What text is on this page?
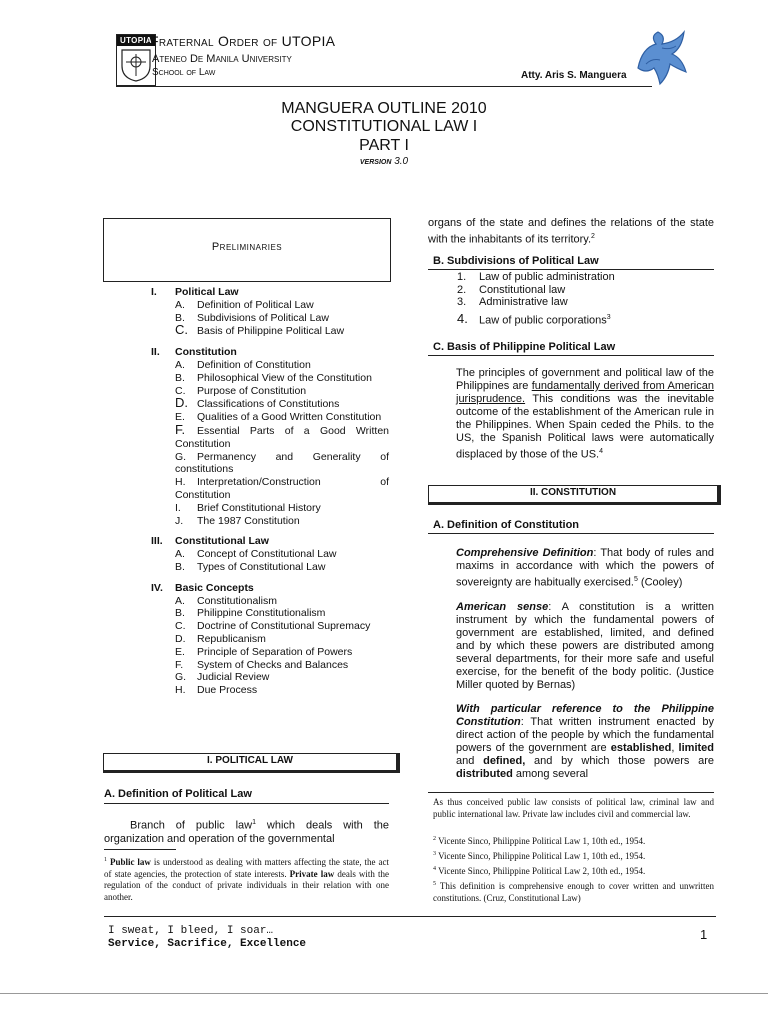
UTOPIA
Fraternal Order of UTOPIA
Ateneo De Manila University
School of Law	Atty. Aris S. Manguera
MANGUERA OUTLINE 2010
CONSTITUTIONAL LAW I
PART I
VERSION 3.0
Preliminaries
I. Political Law
A. Definition of Political Law
B. Subdivisions of Political Law
C. Basis of Philippine Political Law
II. Constitution
A. Definition of Constitution
B. Philosophical View of the Constitution
C. Purpose of Constitution
D. Classifications of Constitutions
E. Qualities of a Good Written Constitution
F. Essential Parts of a Good Written Constitution
G. Permanency and Generality of constitutions
H. Interpretation/Construction of Constitution
I. Brief Constitutional History
J. The 1987 Constitution
III. Constitutional Law
A. Concept of Constitutional Law
B. Types of Constitutional Law
IV. Basic Concepts
A. Constitutionalism
B. Philippine Constitutionalism
C. Doctrine of Constitutional Supremacy
D. Republicanism
E. Principle of Separation of Powers
F. System of Checks and Balances
G. Judicial Review
H. Due Process
I. POLITICAL LAW
A. Definition of Political Law
Branch of public law$^1$ which deals with the organization and operation of the governmental
$^1$ Public law is understood as dealing with matters affecting the state, the act of state agencies, the protection of state interests. Private law deals with the regulation of the conduct of private individuals in their relation with one another.
organs of the state and defines the relations of the state with the inhabitants of its territory.$^2$
B. Subdivisions of Political Law
1. Law of public administration
2. Constitutional law
3. Administrative law
4. Law of public corporations$^3$
C. Basis of Philippine Political Law
The principles of government and political law of the Philippines are fundamentally derived from American jurisprudence. This conditions was the inevitable outcome of the establishment of the American rule in the Philippines. When Spain ceded the Phils. to the US, the Spanish Political laws were automatically displaced by those of the US.$^4$
II. CONSTITUTION
A. Definition of Constitution
Comprehensive Definition: That body of rules and maxims in accordance with which the powers of sovereignty are habitually exercised.$^5$ (Cooley)
American sense: A constitution is a written instrument by which the fundamental powers of government are established, limited, and defined and by which these powers are distributed among several departments, for their more safe and useful exercise, for the benefit of the body politic. (Justice Miller quoted by Bernas)
With particular reference to the Philippine Constitution: That written instrument enacted by direct action of the people by which the fundamental powers of the government are established, limited and defined, and by which those powers are distributed among several
As thus conceived public law consists of political law, criminal law and public international law. Private law includes civil and commercial law.
$^2$ Vicente Sinco, Philippine Political Law 1, 10th ed., 1954.
$^3$ Vicente Sinco, Philippine Political Law 1, 10th ed., 1954.
$^4$ Vicente Sinco, Philippine Political Law 2, 10th ed., 1954.
$^5$ This definition is comprehensive enough to cover written and unwritten constitutions. (Cruz, Constitutional Law)
I sweat, I bleed, I soar…
Service, Sacrifice, Excellence
1
